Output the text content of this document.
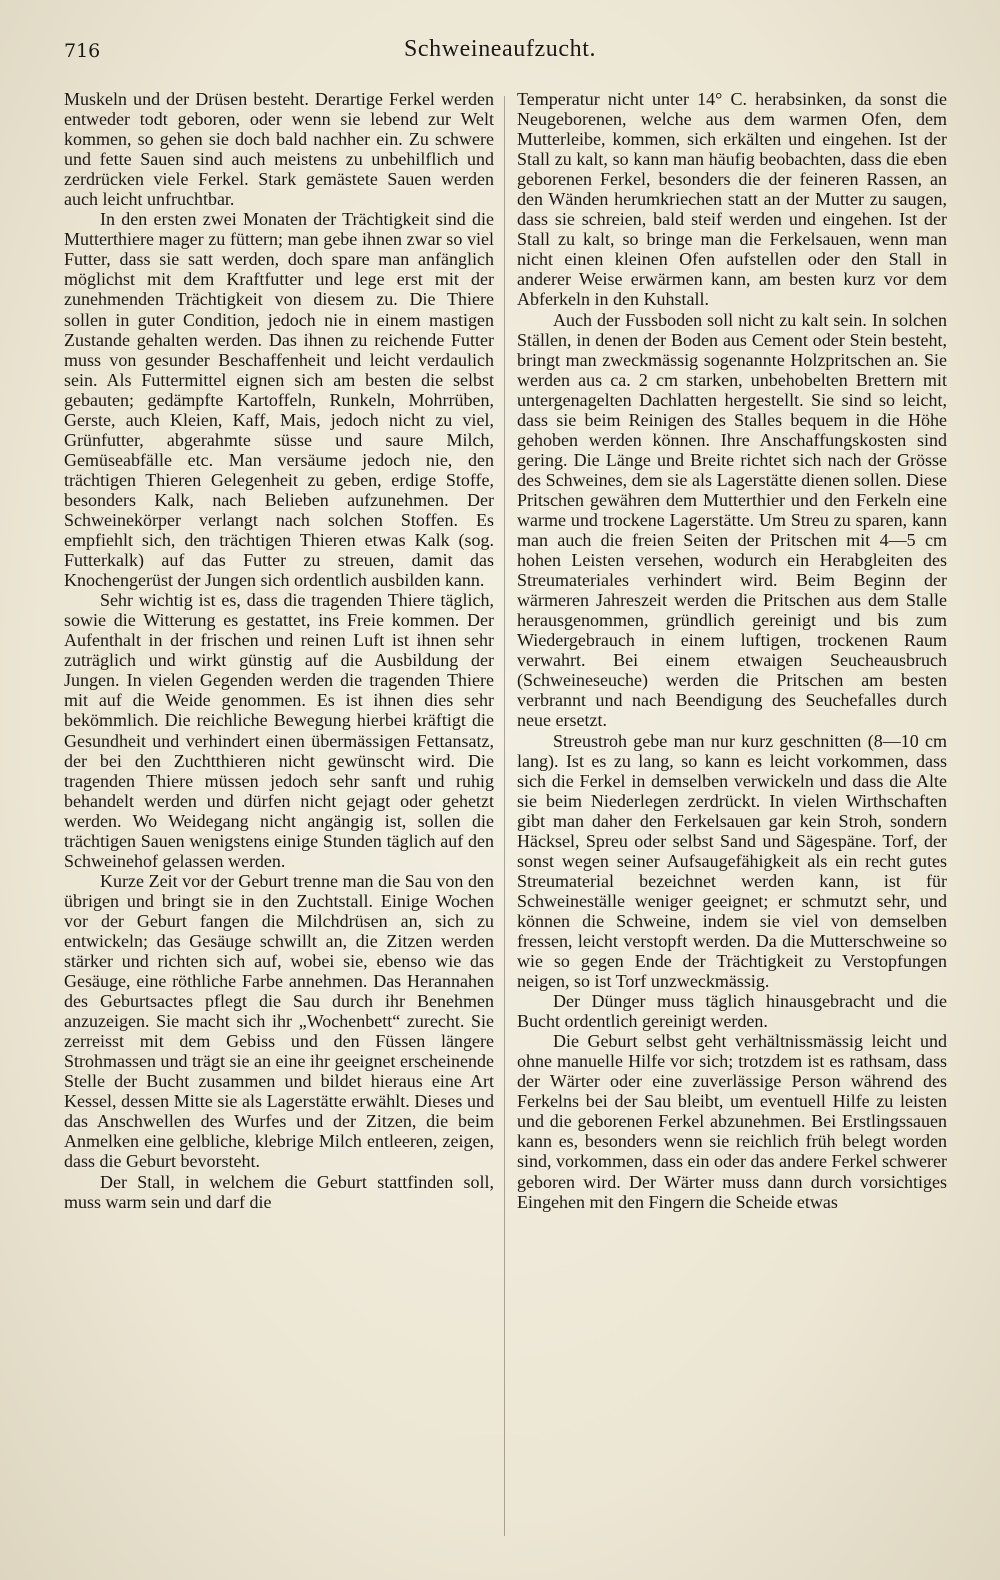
716	Schweineaufzucht.

Muskeln und der Drüsen besteht. Derartige Ferkel werden entweder todt geboren, oder wenn sie lebend zur Welt kommen, so gehen sie doch bald nachher ein. Zu schwere und fette Sauen sind auch meistens zu unbehilflich und zerdrücken viele Ferkel. Stark gemästete Sauen werden auch leicht unfruchtbar.

In den ersten zwei Monaten der Trächtigkeit sind die Mutterthiere mager zu füttern; man gebe ihnen zwar so viel Futter, dass sie satt werden, doch spare man anfänglich möglichst mit dem Kraftfutter und lege erst mit der zunehmenden Trächtigkeit von diesem zu. Die Thiere sollen in guter Condition, jedoch nie in einem mastigen Zustande gehalten werden. Das ihnen zu reichende Futter muss von gesunder Beschaffenheit und leicht verdaulich sein. Als Futtermittel eignen sich am besten die selbst gebauten; gedämpfte Kartoffeln, Runkeln, Mohrrüben, Gerste, auch Kleien, Kaff, Mais, jedoch nicht zu viel, Grünfutter, abgerahmte süsse und saure Milch, Gemüseabfälle etc. Man versäume jedoch nie, den trächtigen Thieren Gelegenheit zu geben, erdige Stoffe, besonders Kalk, nach Belieben aufzunehmen. Der Schweinekörper verlangt nach solchen Stoffen. Es empfiehlt sich, den trächtigen Thieren etwas Kalk (sog. Futterkalk) auf das Futter zu streuen, damit das Knochengerüst der Jungen sich ordentlich ausbilden kann.

Sehr wichtig ist es, dass die tragenden Thiere täglich, sowie die Witterung es gestattet, ins Freie kommen. Der Aufenthalt in der frischen und reinen Luft ist ihnen sehr zuträglich und wirkt günstig auf die Ausbildung der Jungen. In vielen Gegenden werden die tragenden Thiere mit auf die Weide genommen. Es ist ihnen dies sehr bekömmlich. Die reichliche Bewegung hierbei kräftigt die Gesundheit und verhindert einen übermässigen Fettansatz, der bei den Zuchtthieren nicht gewünscht wird. Die tragenden Thiere müssen jedoch sehr sanft und ruhig behandelt werden und dürfen nicht gejagt oder gehetzt werden. Wo Weidegang nicht angängig ist, sollen die trächtigen Sauen wenigstens einige Stunden täglich auf den Schweinehof gelassen werden.

Kurze Zeit vor der Geburt trenne man die Sau von den übrigen und bringt sie in den Zuchtstall. Einige Wochen vor der Geburt fangen die Milchdrüsen an, sich zu entwickeln; das Gesäuge schwillt an, die Zitzen werden stärker und richten sich auf, wobei sie, ebenso wie das Gesäuge, eine röthliche Farbe annehmen. Das Herannahen des Geburtsactes pflegt die Sau durch ihr Benehmen anzuzeigen. Sie macht sich ihr „Wochenbett“ zurecht. Sie zerreisst mit dem Gebiss und den Füssen längere Strohmassen und trägt sie an eine ihr geeignet erscheinende Stelle der Bucht zusammen und bildet hieraus eine Art Kessel, dessen Mitte sie als Lagerstätte erwählt. Dieses und das Anschwellen des Wurfes und der Zitzen, die beim Anmelken eine gelbliche, klebrige Milch entleeren, zeigen, dass die Geburt bevorsteht.

Der Stall, in welchem die Geburt stattfinden soll, muss warm sein und darf die

Temperatur nicht unter 14° C. herabsinken, da sonst die Neugeborenen, welche aus dem warmen Ofen, dem Mutterleibe, kommen, sich erkälten und eingehen. Ist der Stall zu kalt, so kann man häufig beobachten, dass die eben geborenen Ferkel, besonders die der feineren Rassen, an den Wänden herumkriechen statt an der Mutter zu saugen, dass sie schreien, bald steif werden und eingehen. Ist der Stall zu kalt, so bringe man die Ferkelsauen, wenn man nicht einen kleinen Ofen aufstellen oder den Stall in anderer Weise erwärmen kann, am besten kurz vor dem Abferkeln in den Kuhstall.

Auch der Fussboden soll nicht zu kalt sein. In solchen Ställen, in denen der Boden aus Cement oder Stein besteht, bringt man zweckmässig sogenannte Holzpritschen an. Sie werden aus ca. 2 cm starken, unbehobelten Brettern mit untergenagelten Dachlatten hergestellt. Sie sind so leicht, dass sie beim Reinigen des Stalles bequem in die Höhe gehoben werden können. Ihre Anschaffungskosten sind gering. Die Länge und Breite richtet sich nach der Grösse des Schweines, dem sie als Lagerstätte dienen sollen. Diese Pritschen gewähren dem Mutterthier und den Ferkeln eine warme und trockene Lagerstätte. Um Streu zu sparen, kann man auch die freien Seiten der Pritschen mit 4—5 cm hohen Leisten versehen, wodurch ein Herabgleiten des Streumateriales verhindert wird. Beim Beginn der wärmeren Jahreszeit werden die Pritschen aus dem Stalle herausgenommen, gründlich gereinigt und bis zum Wiedergebrauch in einem luftigen, trockenen Raum verwahrt. Bei einem etwaigen Seucheausbruch (Schweineseuche) werden die Pritschen am besten verbrannt und nach Beendigung des Seuchefalles durch neue ersetzt.

Streustroh gebe man nur kurz geschnitten (8—10 cm lang). Ist es zu lang, so kann es leicht vorkommen, dass sich die Ferkel in demselben verwickeln und dass die Alte sie beim Niederlegen zerdrückt. In vielen Wirthschaften gibt man daher den Ferkelsauen gar kein Stroh, sondern Häcksel, Spreu oder selbst Sand und Sägespäne. Torf, der sonst wegen seiner Aufsaugefähigkeit als ein recht gutes Streumaterial bezeichnet werden kann, ist für Schweineställe weniger geeignet; er schmutzt sehr, und können die Schweine, indem sie viel von demselben fressen, leicht verstopft werden. Da die Mutterschweine so wie so gegen Ende der Trächtigkeit zu Verstopfungen neigen, so ist Torf unzweckmässig.

Der Dünger muss täglich hinausgebracht und die Bucht ordentlich gereinigt werden.

Die Geburt selbst geht verhältnissmässig leicht und ohne manuelle Hilfe vor sich; trotzdem ist es rathsam, dass der Wärter oder eine zuverlässige Person während des Ferkelns bei der Sau bleibt, um eventuell Hilfe zu leisten und die geborenen Ferkel abzunehmen. Bei Erstlingssauen kann es, besonders wenn sie reichlich früh belegt worden sind, vorkommen, dass ein oder das andere Ferkel schwerer geboren wird. Der Wärter muss dann durch vorsichtiges Eingehen mit den Fingern die Scheide etwas
